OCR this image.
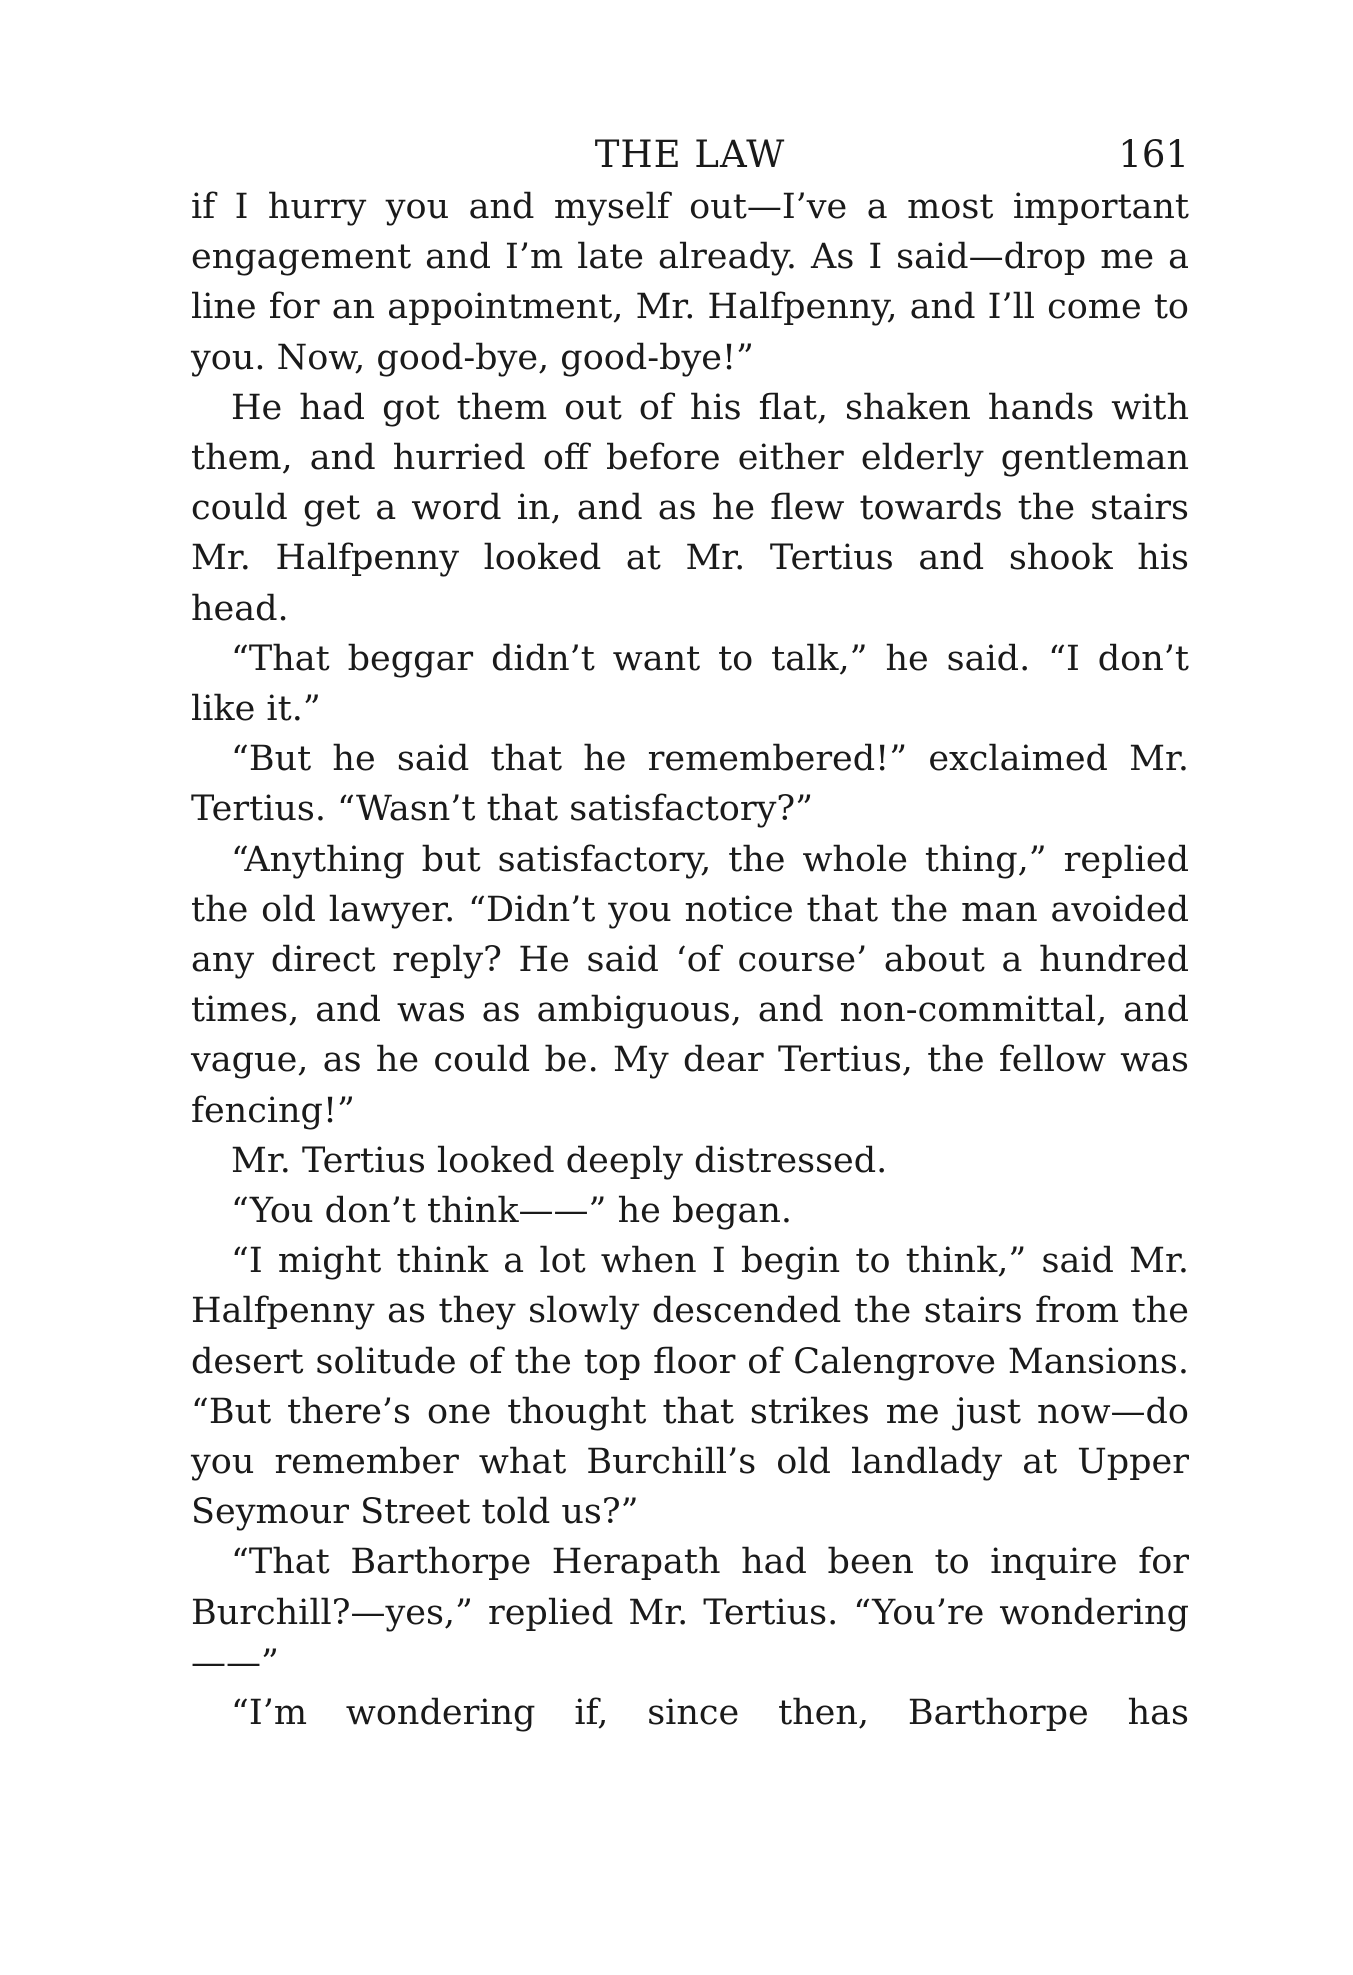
THE LAW	161

if I hurry you and myself out—I’ve a most important engagement and I’m late already. As I said—drop me a line for an appointment, Mr. Halfpenny, and I’ll come to you. Now, good-bye, good-bye!”

He had got them out of his flat, shaken hands with them, and hurried off before either elderly gentleman could get a word in, and as he flew towards the stairs Mr. Halfpenny looked at Mr. Tertius and shook his head.

“That beggar didn’t want to talk,” he said. “I don’t like it.”

“But he said that he remembered!” exclaimed Mr. Tertius. “Wasn’t that satisfactory?”

“Anything but satisfactory, the whole thing,” replied the old lawyer. “Didn’t you notice that the man avoided any direct reply? He said ‘of course’ about a hundred times, and was as ambiguous, and non-committal, and vague, as he could be. My dear Tertius, the fellow was fencing!”

Mr. Tertius looked deeply distressed.

“You don’t think——” he began.

“I might think a lot when I begin to think,” said Mr. Halfpenny as they slowly descended the stairs from the desert solitude of the top floor of Calengrove Mansions. “But there’s one thought that strikes me just now—do you remember what Burchill’s old landlady at Upper Seymour Street told us?”

“That Barthorpe Herapath had been to inquire for Burchill?—yes,” replied Mr. Tertius. “You’re wondering——”

“I’m wondering if, since then, Barthorpe has
